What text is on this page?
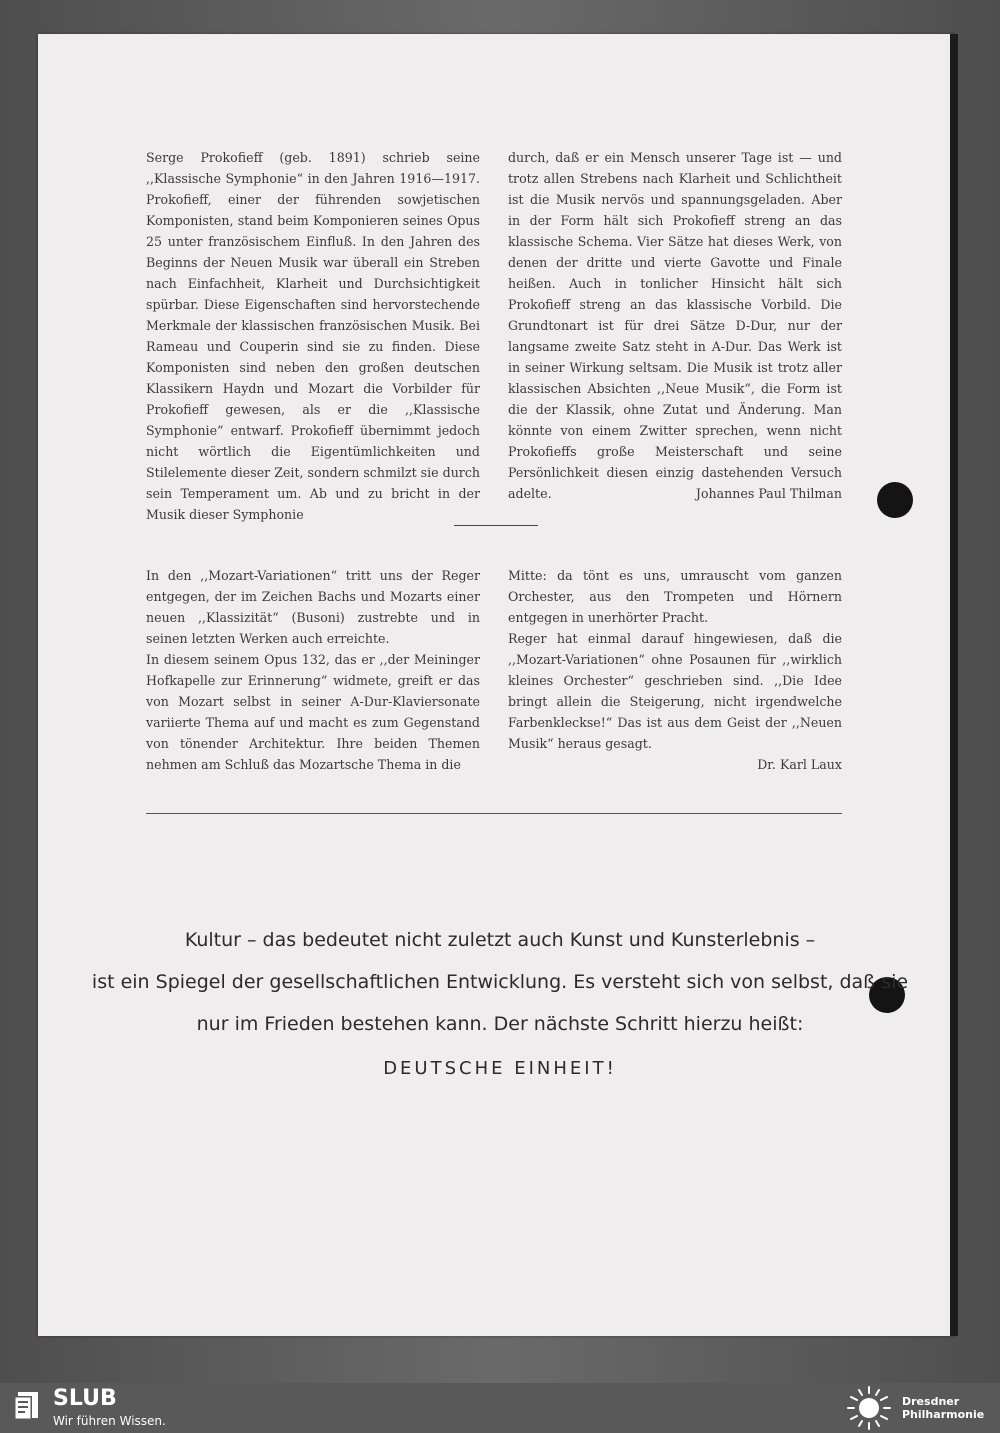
Serge Prokofieff (geb. 1891) schrieb seine ,,Klassische Symphonie“ in den Jahren 1916—1917. Prokofieff, einer der führenden sowjetischen Komponisten, stand beim Komponieren seines Opus 25 unter französischem Einfluß. In den Jahren des Beginns der Neuen Musik war überall ein Streben nach Einfachheit, Klarheit und Durchsichtigkeit spürbar. Diese Eigenschaften sind hervorstechende Merkmale der klassischen französischen Musik. Bei Rameau und Couperin sind sie zu finden. Diese Komponisten sind neben den großen deutschen Klassikern Haydn und Mozart die Vorbilder für Prokofieff gewesen, als er die ,,Klassische Symphonie“ entwarf. Prokofieff übernimmt jedoch nicht wörtlich die Eigentümlichkeiten und Stilelemente dieser Zeit, sondern schmilzt sie durch sein Temperament um. Ab und zu bricht in der Musik dieser Symphonie

durch, daß er ein Mensch unserer Tage ist — und trotz allen Strebens nach Klarheit und Schlichtheit ist die Musik nervös und spannungsgeladen. Aber in der Form hält sich Prokofieff streng an das klassische Schema. Vier Sätze hat dieses Werk, von denen der dritte und vierte Gavotte und Finale heißen. Auch in tonlicher Hinsicht hält sich Prokofieff streng an das klassische Vorbild. Die Grundtonart ist für drei Sätze D-Dur, nur der langsame zweite Satz steht in A-Dur. Das Werk ist in seiner Wirkung seltsam. Die Musik ist trotz aller klassischen Absichten ,,Neue Musik“, die Form ist die der Klassik, ohne Zutat und Änderung. Man könnte von einem Zwitter sprechen, wenn nicht Prokofieffs große Meisterschaft und seine Persönlichkeit diesen einzig dastehenden Versuch adelte.	Johannes Paul Thilman

In den ,,Mozart-Variationen“ tritt uns der Reger entgegen, der im Zeichen Bachs und Mozarts einer neuen ,,Klassizität“ (Busoni) zustrebte und in seinen letzten Werken auch erreichte.

In diesem seinem Opus 132, das er ,,der Meininger Hofkapelle zur Erinnerung“ widmete, greift er das von Mozart selbst in seiner A-Dur-Klaviersonate variierte Thema auf und macht es zum Gegenstand von tönender Architektur. Ihre beiden Themen nehmen am Schluß das Mozartsche Thema in die

Mitte: da tönt es uns, umrauscht vom ganzen Orchester, aus den Trompeten und Hörnern entgegen in unerhörter Pracht.

Reger hat einmal darauf hingewiesen, daß die ,,Mozart-Variationen“ ohne Posaunen für ,,wirklich kleines Orchester“ geschrieben sind. ,,Die Idee bringt allein die Steigerung, nicht irgendwelche Farbenkleckse!“ Das ist aus dem Geist der ,,Neuen Musik“ heraus gesagt.

Dr. Karl Laux
Kultur – das bedeutet nicht zuletzt auch Kunst und Kunsterlebnis –
ist ein Spiegel der gesellschaftlichen Entwicklung. Es versteht sich von selbst, daß sie
nur im Frieden bestehen kann. Der nächste Schritt hierzu heißt:
DEUTSCHE EINHEIT!
SLUB
Wir führen Wissen.
Dresdner
Philharmonie
